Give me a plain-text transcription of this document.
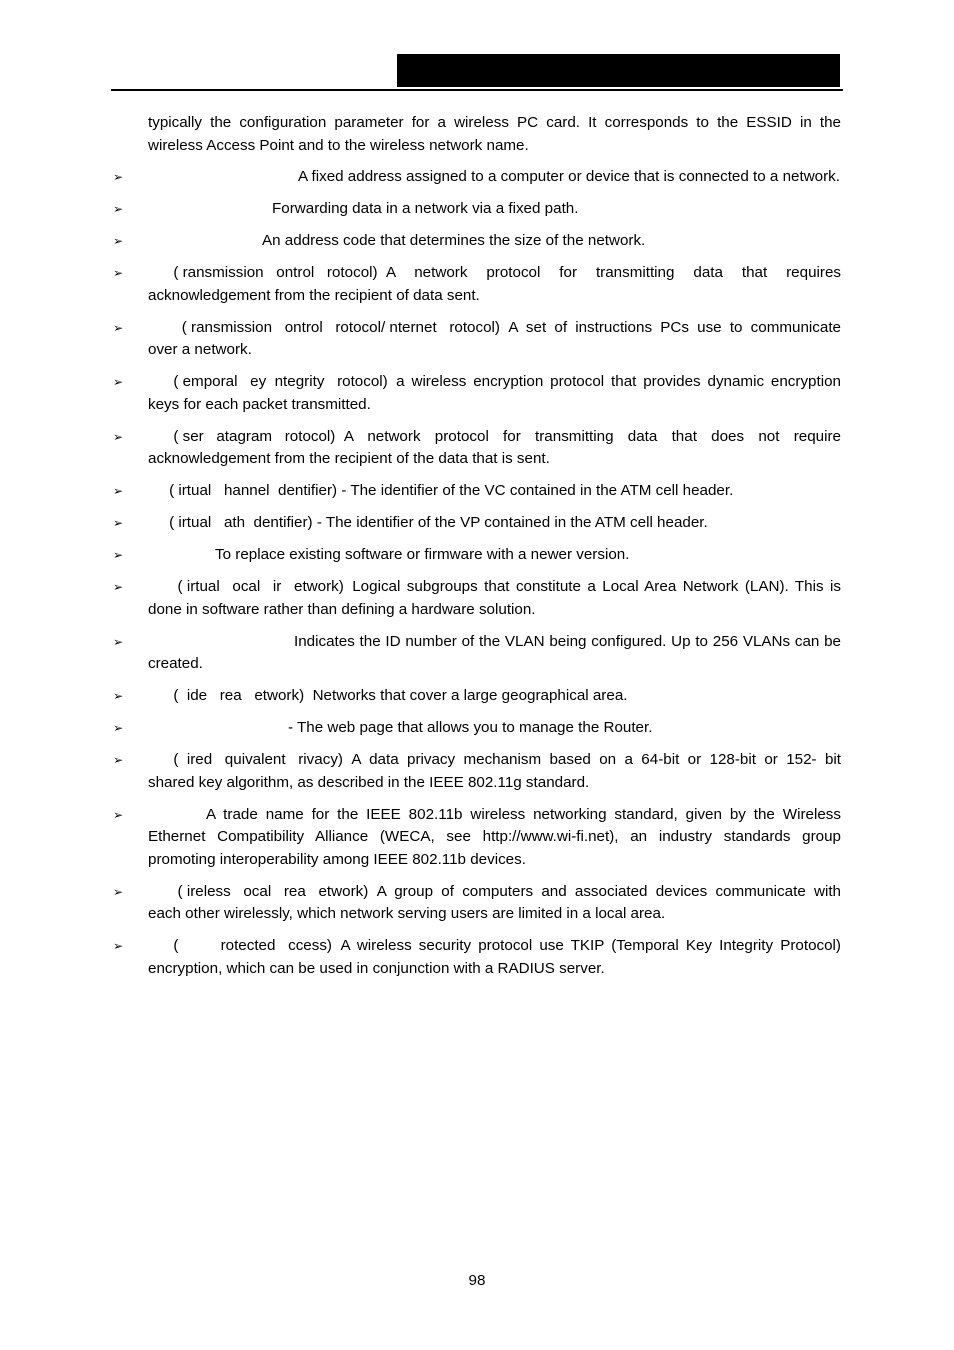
typically the configuration parameter for a wireless PC card. It corresponds to the ESSID in the wireless Access Point and to the wireless network name.

➢	A fixed address assigned to a computer or device that is connected to a network.
➢	Forwarding data in a network via a fixed path.
➢	An address code that determines the size of the network.
➢ ( ransmission   ontrol   rotocol)  A network protocol for transmitting data that requires acknowledgement from the recipient of data sent.
➢ ( ransmission   ontrol   rotocol/ nternet   rotocol)  A set of instructions PCs use to communicate over a network.
➢ ( emporal   ey  ntegrity   rotocol)  a wireless encryption protocol that provides dynamic encryption keys for each packet transmitted.
➢ ( ser   atagram   rotocol)  A network protocol for transmitting data that does not require acknowledgement from the recipient of the data that is sent.
➢ ( irtual   hannel  dentifier) - The identifier of the VC contained in the ATM cell header.
➢ ( irtual   ath  dentifier) - The identifier of the VP contained in the ATM cell header.
➢	To replace existing software or firmware with a newer version.
➢ ( irtual   ocal   ir   etwork)  Logical subgroups that constitute a Local Area Network (LAN). This is done in software rather than defining a hardware solution.
➢	Indicates the ID number of the VLAN being configured. Up to 256 VLANs can be created.
➢ (  ide   rea   etwork)  Networks that cover a large geographical area.
➢	- The web page that allows you to manage the Router.
➢ (  ired   quivalent   rivacy)  A data privacy mechanism based on a 64-bit or 128-bit or 152- bit shared key algorithm, as described in the IEEE 802.11g standard.
➢	A trade name for the IEEE 802.11b wireless networking standard, given by the Wireless Ethernet Compatibility Alliance (WECA, see http://www.wi-fi.net), an industry standards group promoting interoperability among IEEE 802.11b devices.
➢ ( ireless   ocal   rea   etwork)  A group of computers and associated devices communicate with each other wirelessly, which network serving users are limited in a local area.
➢ (          rotected   ccess)  A wireless security protocol use TKIP (Temporal Key Integrity Protocol) encryption, which can be used in conjunction with a RADIUS server.
98
